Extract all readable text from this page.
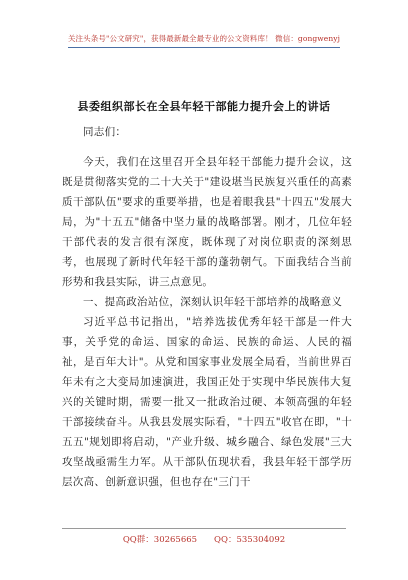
关注头条号"公文研究"，获得最新最全最专业的公文资料库！ 微信：gongwenyj
县委组织部长在全县年轻干部能力提升会上的讲话

同志们：

今天，我们在这里召开全县年轻干部能力提升会议，这既是贯彻落实党的二十大关于"建设堪当民族复兴重任的高素质干部队伍"要求的重要举措，也是着眼我县"十四五"发展大局，为"十五五"储备中坚力量的战略部署。刚才，几位年轻干部代表的发言很有深度，既体现了对岗位职责的深刻思考，也展现了新时代年轻干部的蓬勃朝气。下面我结合当前形势和我县实际，讲三点意见。

一、提高政治站位，深刻认识年轻干部培养的战略意义

习近平总书记指出，"培养选拔优秀年轻干部是一件大事，关乎党的命运、国家的命运、民族的命运、人民的福祉，是百年大计"。从党和国家事业发展全局看，当前世界百年未有之大变局加速演进，我国正处于实现中华民族伟大复兴的关键时期，需要一批又一批政治过硬、本领高强的年轻干部接续奋斗。从我县发展实际看，"十四五"收官在即，"十五五"规划即将启动，"产业升级、城乡融合、绿色发展"三大攻坚战亟需生力军。从干部队伍现状看，我县年轻干部学历层次高、创新意识强，但也存在"三门干

QQ群：30265665　　QQ：535304092
